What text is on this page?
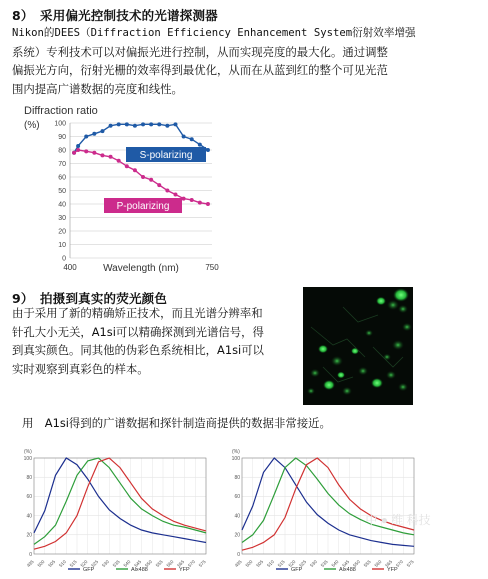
8）　采用偏光控制技术的光谱探测器
Nikon的DEES（Diffraction Efficiency Enhancement System衍射效率增强
系统）专利技术可以对偏振光进行控制，从而实现亮度的最大化。通过调整
偏振光方向，衍射光栅的效率得到最优化，从而在从蓝到红的整个可见光范
围内提高广谱数据的亮度和线性。
Diffraction ratio
(%)
0
10
20
30
40
50
60
70
80
90
100
S-polarizing
P-polarizing
400	750
Wavelength (nm)
9）　拍摄到真实的荧光颜色
由于采用了新的精确矫正技术，而且光谱分辨率和
针孔大小无关，A1si可以精确探测到光谱信号，得
到真实颜色。同其他的伪彩色系统相比，A1si可以
实时观察到真彩色的样本。
用　A1si得到的广谱数据和探针制造商提供的数据非常接近。
(%)
0
20
40
60
80
100
495 500 505 510 515 520 525 530 535 540 545 550 555 560 565 570 575
GFP	Alx488	YFP
(%)
0
20
40
60
80
100
495 500 505 510 515 520 525 530 535 540 545 550 555 560 565 570 575
GFP	Alx488	YFP
中 ● 维 科技
